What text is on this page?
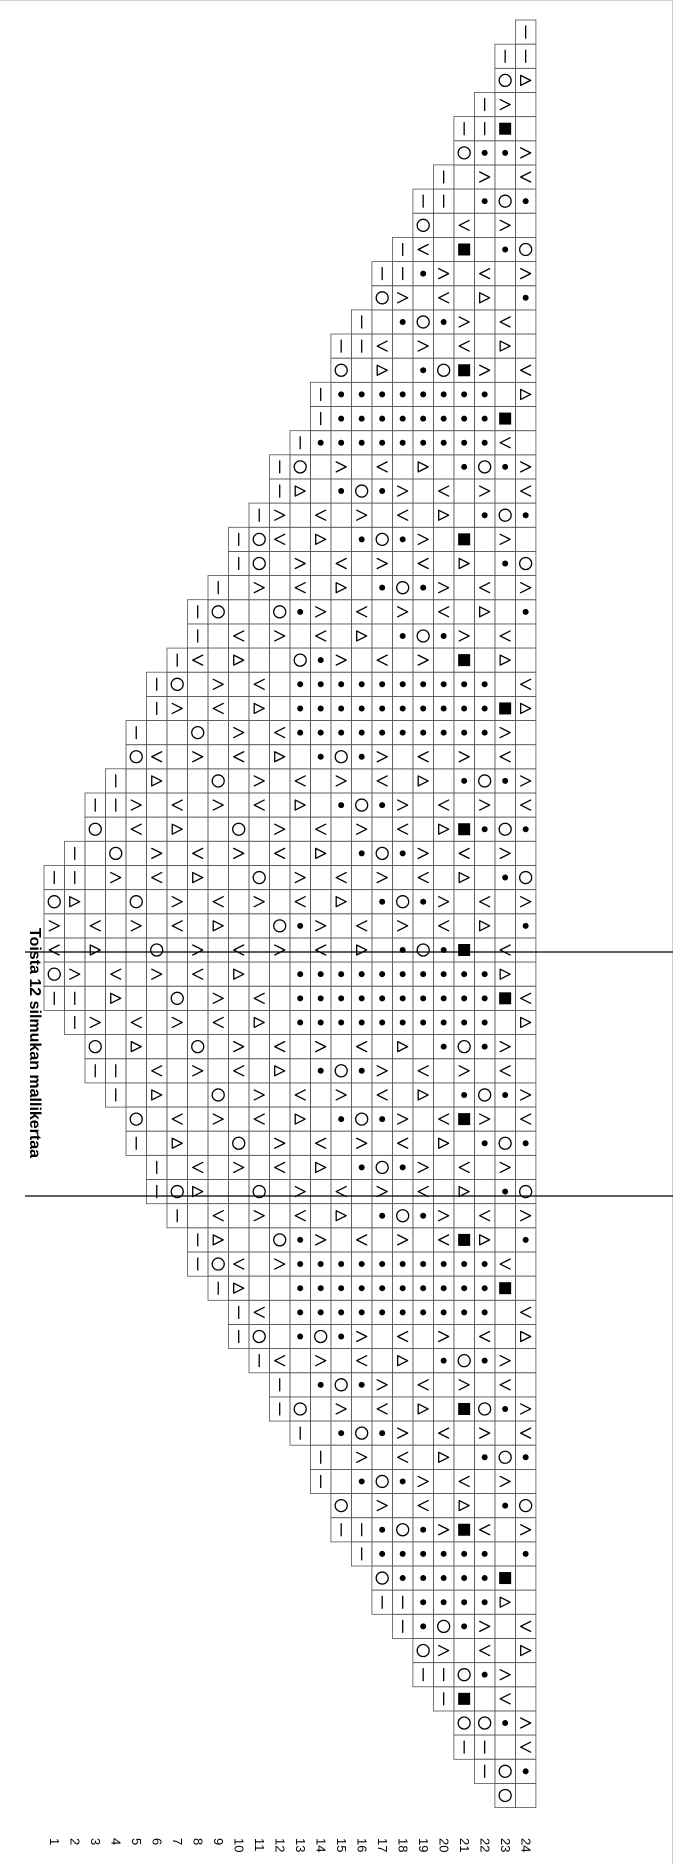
1 2 3 4 5 6 7 8 9 10 11 12 13 14 15 16 17 18 19 20 21 22 23 24
Toista 12 silmukan mallikertaa
